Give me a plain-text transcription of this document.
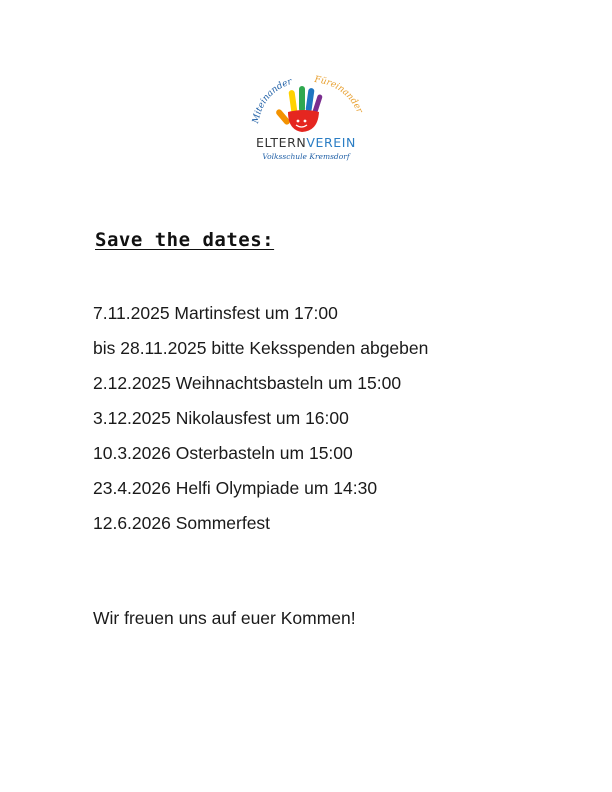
Miteinander Füreinander
ELTERNVEREIN
Volksschule Kremsdorf
Save the dates:
7.11.2025 Martinsfest um 17:00
bis 28.11.2025 bitte Keksspenden abgeben
2.12.2025 Weihnachtsbasteln um 15:00
3.12.2025 Nikolausfest um 16:00
10.3.2026 Osterbasteln um 15:00
23.4.2026 Helfi Olympiade um 14:30
12.6.2026 Sommerfest
Wir freuen uns auf euer Kommen!
